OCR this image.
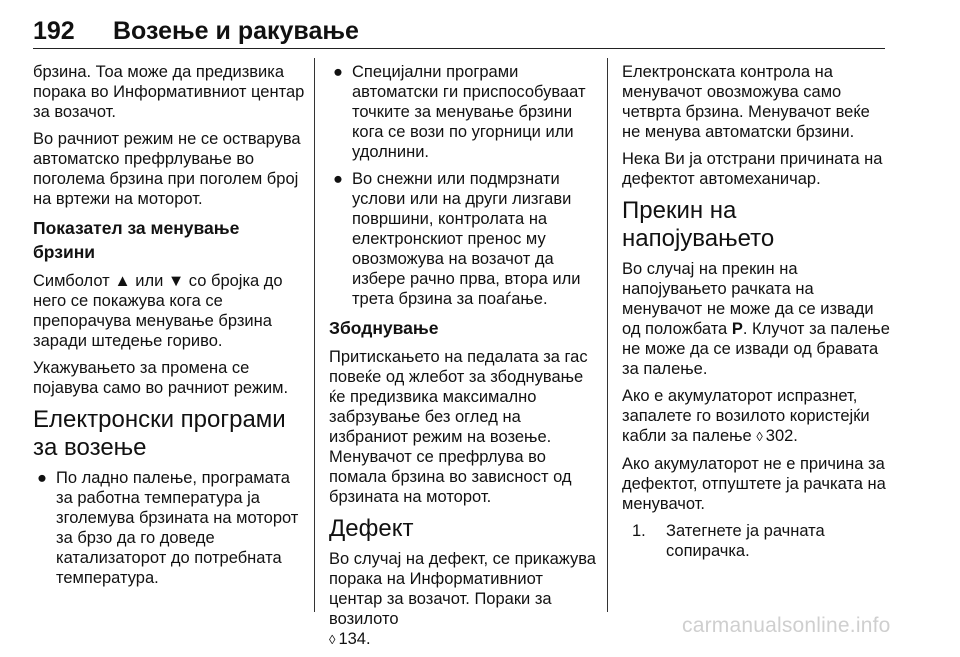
192 Возење и ракување

брзина. Тоа може да предизвика порака во Информативниот центар за возачот.

Во рачниот режим не се остварува автоматско префрлување во поголема брзина при поголем број на вртежи на моторот.

Показател за менување брзини

Симболот ▲ или ▼ со бројка до него се покажува кога се препорачува менување брзина заради штедење гориво.

Укажувањето за промена се појавува само во рачниот режим.

Електронски програми за возење
● По ладно палење, програмата за работна температура ја зголемува брзината на моторот за брзо да го доведе катализаторот до потребната температура.
● Специјални програми автоматски ги приспособуваат точките за менување брзини кога се вози по угорници или удолнини.
● Во снежни или подмрзнати услови или на други лизгави површини, контролата на електронскиот пренос му овозможува на возачот да избере рачно прва, втора или трета брзина за поаѓање.
Збоднување

Притискањето на педалата за гас повеќе од жлебот за збоднување ќе предизвика максимално забрзување без оглед на избраниот режим на возење. Менувачот се префрлува во помала брзина во зависност од брзината на моторот.

Дефект

Во случај на дефект, се прикажува порака на Информативниот центар за возачот. Пораки за возилото
◊ 134.

Електронската контрола на менувачот овозможува само четврта брзина. Менувачот веќе не менува автоматски брзини.

Нека Ви ја отстрани причината на дефектот автомеханичар.

Прекин на напојувањето

Во случај на прекин на напојувањето рачката на менувачот не може да се извади од положбата P. Клучот за палење не може да се извади од бравата за палење.

Ако е акумулаторот испразнет, запалете го возилото користејќи кабли за палење ◊ 302.

Ако акумулаторот не е причина за дефектот, отпуштете ја рачката на менувачот.

1. Затегнете ја рачната сопирачка.
carmanualsonline.info
